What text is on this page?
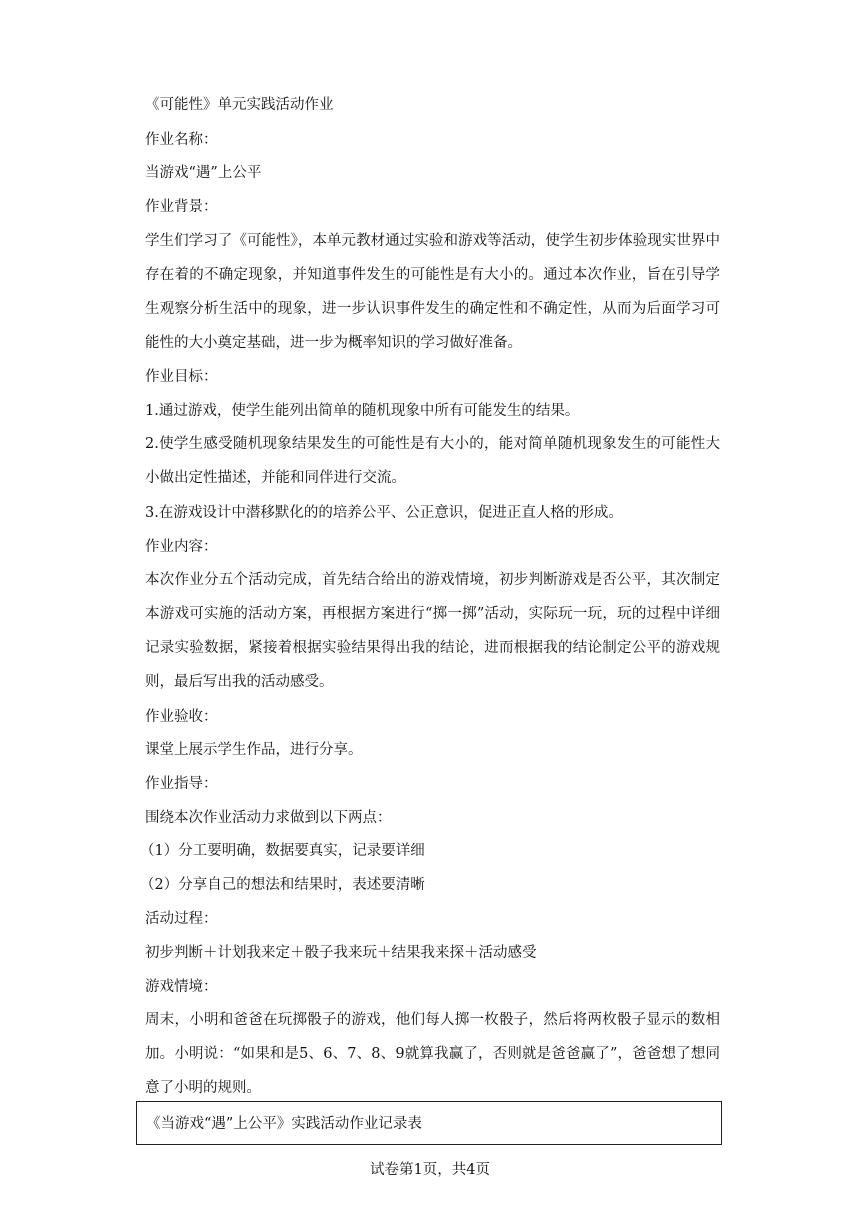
《可能性》单元实践活动作业
作业名称：
当游戏“遇”上公平
作业背景：
学生们学习了《可能性》，本单元教材通过实验和游戏等活动，使学生初步体验现实世界中存在着的不确定现象，并知道事件发生的可能性是有大小的。通过本次作业，旨在引导学生观察分析生活中的现象，进一步认识事件发生的确定性和不确定性，从而为后面学习可能性的大小奠定基础，进一步为概率知识的学习做好准备。
作业目标：
1.通过游戏，使学生能列出简单的随机现象中所有可能发生的结果。
2.使学生感受随机现象结果发生的可能性是有大小的，能对简单随机现象发生的可能性大小做出定性描述，并能和同伴进行交流。
3.在游戏设计中潜移默化的的培养公平、公正意识，促进正直人格的形成。
作业内容：
本次作业分五个活动完成，首先结合给出的游戏情境，初步判断游戏是否公平，其次制定本游戏可实施的活动方案，再根据方案进行“掷一掷”活动，实际玩一玩，玩的过程中详细记录实验数据，紧接着根据实验结果得出我的结论，进而根据我的结论制定公平的游戏规则，最后写出我的活动感受。
作业验收：
课堂上展示学生作品，进行分享。
作业指导：
围绕本次作业活动力求做到以下两点：
（1）分工要明确，数据要真实，记录要详细
（2）分享自己的想法和结果时，表述要清晰
活动过程：
初步判断＋计划我来定＋骰子我来玩＋结果我来探＋活动感受
游戏情境：
周末，小明和爸爸在玩掷骰子的游戏，他们每人掷一枚骰子，然后将两枚骰子显示的数相加。小明说：“如果和是5、6、7、8、9就算我赢了，否则就是爸爸赢了”，爸爸想了想同意了小明的规则。
《当游戏“遇”上公平》实践活动作业记录表
试卷第1页，共4页
